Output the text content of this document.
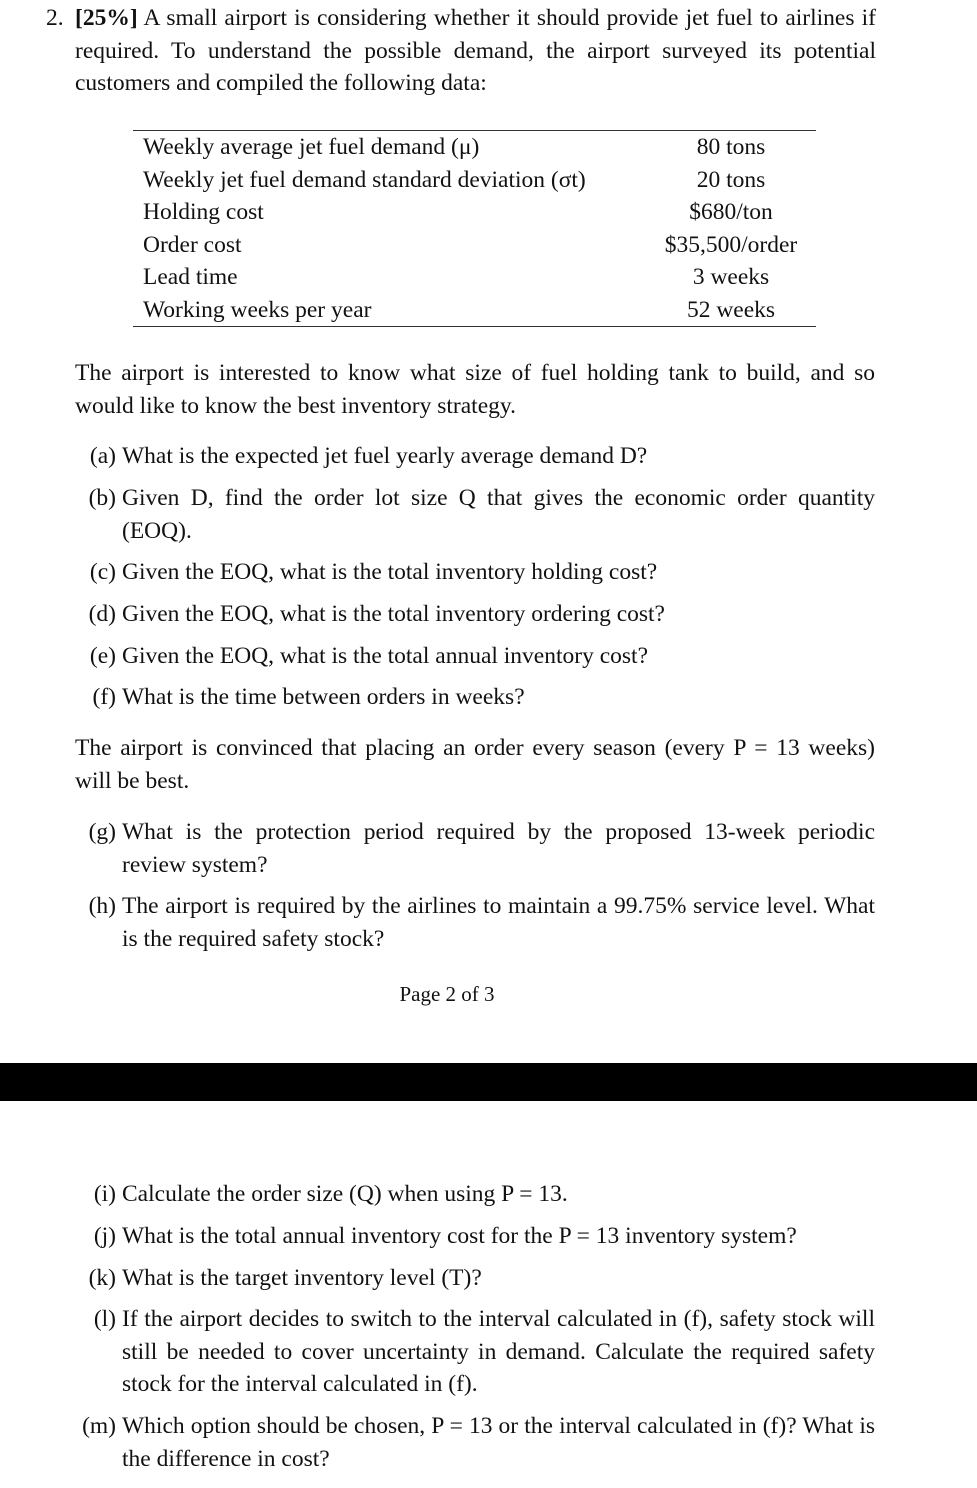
2. [25%] A small airport is considering whether it should provide jet fuel to airlines if required. To understand the possible demand, the airport surveyed its potential customers and compiled the following data:
Weekly average jet fuel demand (μ)	80 tons
Weekly jet fuel demand standard deviation (σt)	20 tons
Holding cost	$680/ton
Order cost	$35,500/order
Lead time	3 weeks
Working weeks per year	52 weeks
The airport is interested to know what size of fuel holding tank to build, and so would like to know the best inventory strategy.
(a) What is the expected jet fuel yearly average demand D?
(b) Given D, find the order lot size Q that gives the economic order quantity (EOQ).
(c) Given the EOQ, what is the total inventory holding cost?
(d) Given the EOQ, what is the total inventory ordering cost?
(e) Given the EOQ, what is the total annual inventory cost?
(f) What is the time between orders in weeks?
The airport is convinced that placing an order every season (every P = 13 weeks) will be best.
(g) What is the protection period required by the proposed 13-week periodic review system?
(h) The airport is required by the airlines to maintain a 99.75% service level. What is the required safety stock?
Page 2 of 3
(i) Calculate the order size (Q) when using P = 13.
(j) What is the total annual inventory cost for the P = 13 inventory system?
(k) What is the target inventory level (T)?
(l) If the airport decides to switch to the interval calculated in (f), safety stock will still be needed to cover uncertainty in demand. Calculate the required safety stock for the interval calculated in (f).
(m) Which option should be chosen, P = 13 or the interval calculated in (f)? What is the difference in cost?
